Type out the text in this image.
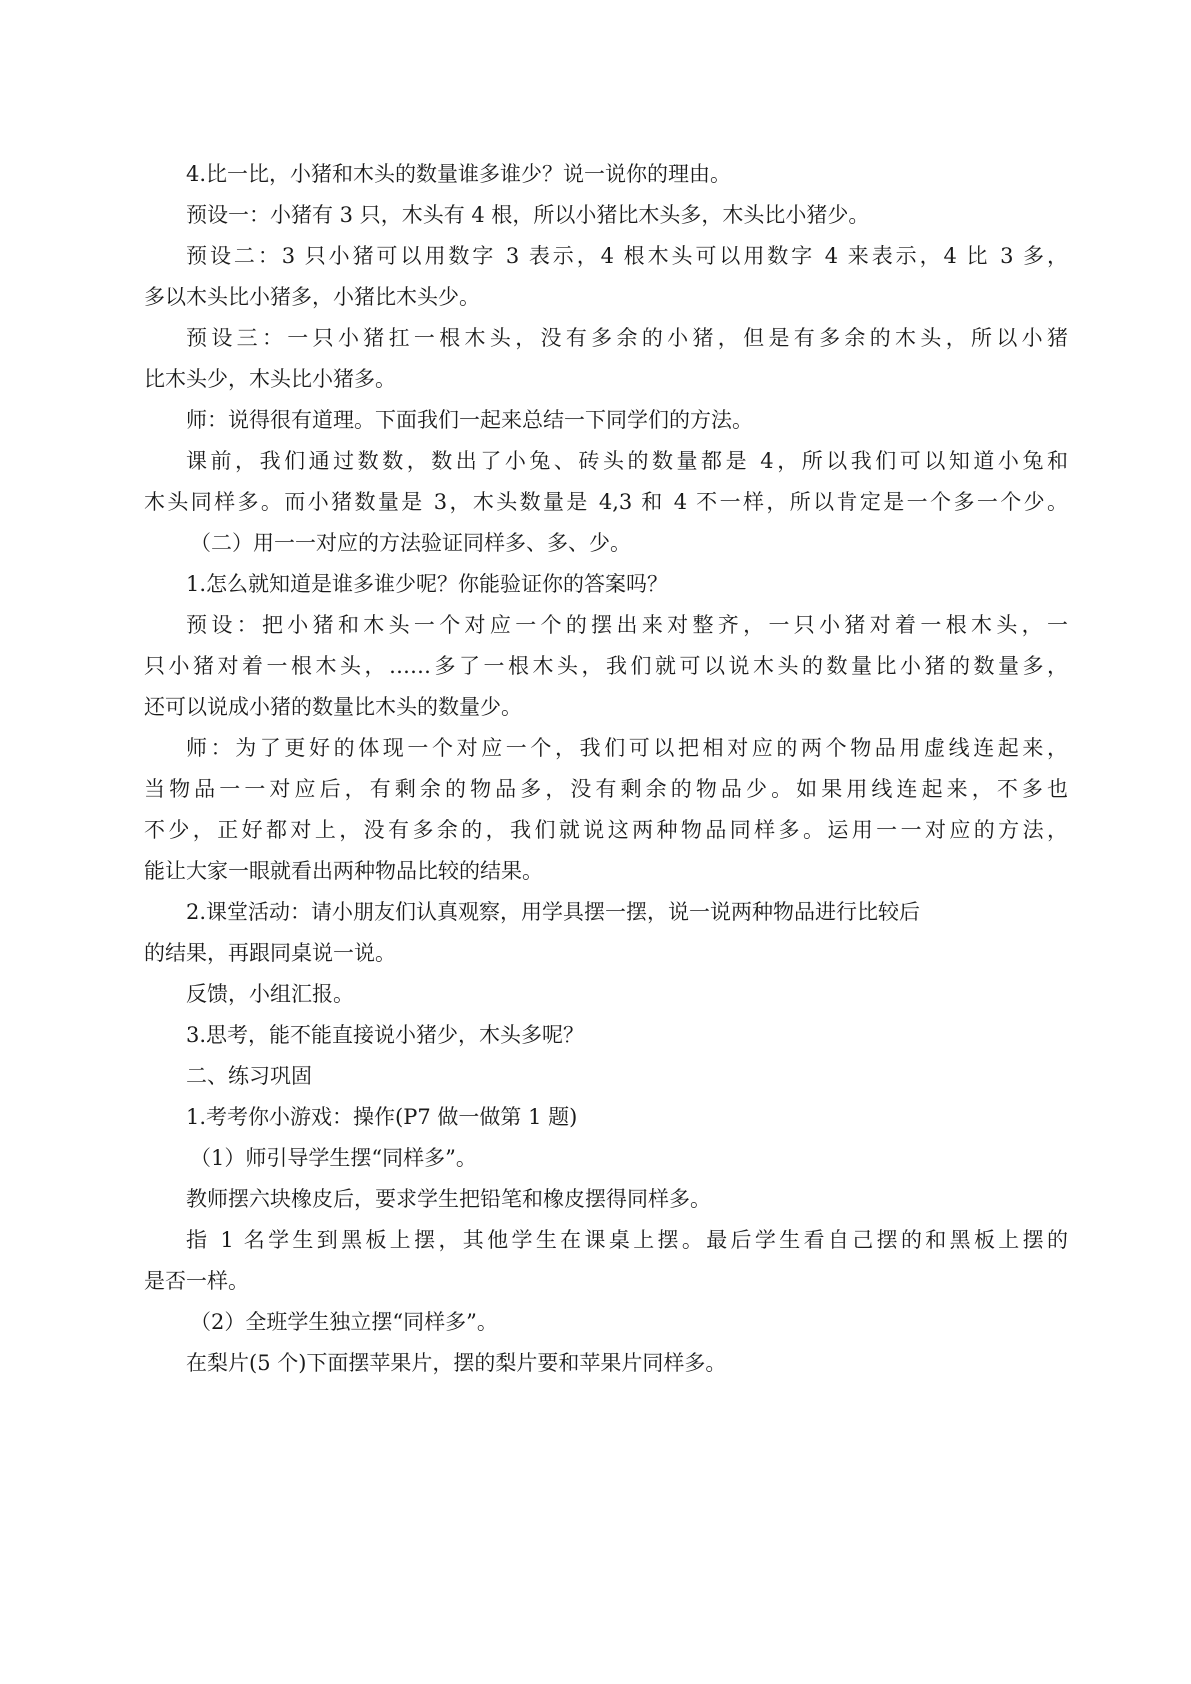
4.比一比，小猪和木头的数量谁多谁少？说一说你的理由。
预设一：小猪有 3 只，木头有 4 根，所以小猪比木头多，木头比小猪少。
预设二：3 只小猪可以用数字 3 表示，4 根木头可以用数字 4 来表示，4 比 3 多，
多以木头比小猪多，小猪比木头少。
预设三：一只小猪扛一根木头，没有多余的小猪，但是有多余的木头，所以小猪
比木头少，木头比小猪多。
师：说得很有道理。下面我们一起来总结一下同学们的方法。
课前，我们通过数数，数出了小兔、砖头的数量都是 4，所以我们可以知道小兔和
木头同样多。而小猪数量是 3，木头数量是 4,3 和 4 不一样，所以肯定是一个多一个少。
（二）用一一对应的方法验证同样多、多、少。
1.怎么就知道是谁多谁少呢？你能验证你的答案吗？
预设：把小猪和木头一个对应一个的摆出来对整齐，一只小猪对着一根木头，一
只小猪对着一根木头，……多了一根木头，我们就可以说木头的数量比小猪的数量多，
还可以说成小猪的数量比木头的数量少。
师：为了更好的体现一个对应一个，我们可以把相对应的两个物品用虚线连起来，
当物品一一对应后，有剩余的物品多，没有剩余的物品少。如果用线连起来，不多也
不少，正好都对上，没有多余的，我们就说这两种物品同样多。运用一一对应的方法，
能让大家一眼就看出两种物品比较的结果。
2.课堂活动：请小朋友们认真观察，用学具摆一摆，说一说两种物品进行比较后
的结果，再跟同桌说一说。
反馈，小组汇报。
3.思考，能不能直接说小猪少，木头多呢？
二、练习巩固
1.考考你小游戏：操作(P7 做一做第 1 题)
（1）师引导学生摆“同样多”。
教师摆六块橡皮后，要求学生把铅笔和橡皮摆得同样多。
指 1 名学生到黑板上摆，其他学生在课桌上摆。最后学生看自己摆的和黑板上摆的
是否一样。
（2）全班学生独立摆“同样多”。
在梨片(5 个)下面摆苹果片，摆的梨片要和苹果片同样多。
